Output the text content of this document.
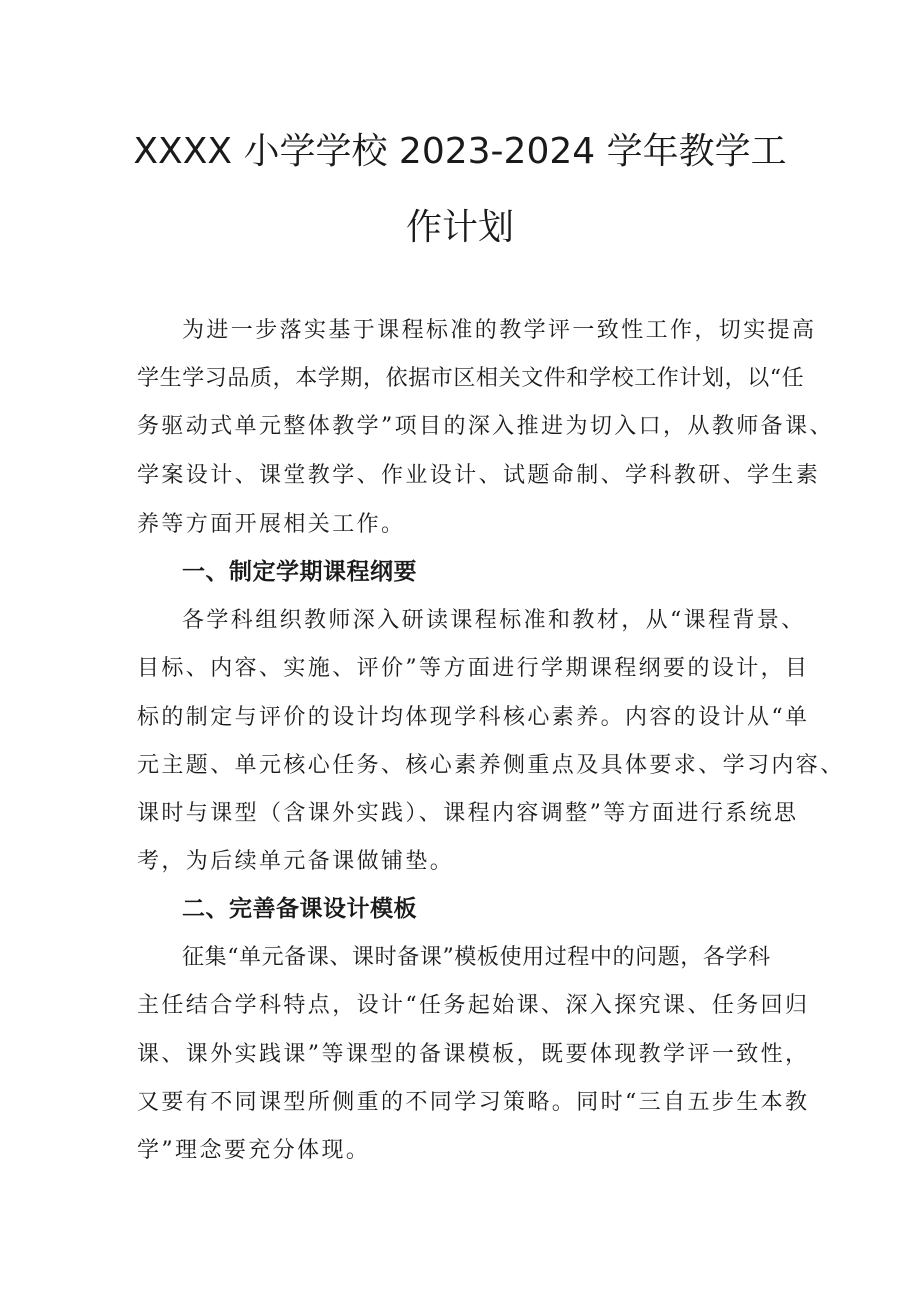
XXXX 小学学校 2023-2024 学年教学工
作计划

为进一步落实基于课程标准的教学评一致性工作，切实提高

学生学习品质，本学期，依据市区相关文件和学校工作计划，以“任

务驱动式单元整体教学”项目的深入推进为切入口，从教师备课、

学案设计、课堂教学、作业设计、试题命制、学科教研、学生素

养等方面开展相关工作。

一、制定学期课程纲要

各学科组织教师深入研读课程标准和教材，从“课程背景、

目标、内容、实施、评价”等方面进行学期课程纲要的设计，目

标的制定与评价的设计均体现学科核心素养。内容的设计从“单

元主题、单元核心任务、核心素养侧重点及具体要求、学习内容、

课时与课型（含课外实践）、课程内容调整”等方面进行系统思

考，为后续单元备课做铺垫。

二、完善备课设计模板

征集“单元备课、课时备课”模板使用过程中的问题，各学科

主任结合学科特点，设计“任务起始课、深入探究课、任务回归

课、课外实践课”等课型的备课模板，既要体现教学评一致性，

又要有不同课型所侧重的不同学习策略。同时“三自五步生本教

学”理念要充分体现。
